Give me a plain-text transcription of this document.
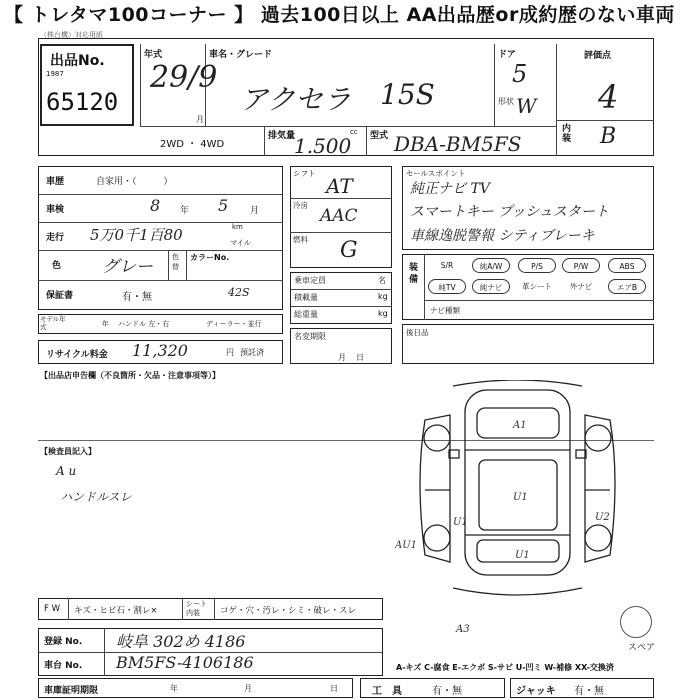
【 トレタマ100コーナー 】 過去100日以上 AA出品歴or成約歴のない車両
（株台機）対応用紙
出品No.
1987
65120
年式
29/9
月
車名・グレード
アクセラ 15S
ドア
5
形状 W
評価点
4
内装 B
2WD ・ 4WD
排気量	cc
1.500 型式 DBA-BM5FS
車歴	自家用・（　　　）
車検	8 年 5 月
走行 5万0千1百80	km
マイル
色 グレー	色替
カラーNo.
42S
保証書	有・無
モデル年式	年 ハンドル 左・右	ディーラー・並行
リサイクル料金 11,320	円 預託済
シフト
AT
冷房
AAC
燃料 G
乗車定員	名
積載量	kg
総重量	kg
名変期限
月日
セールスポイント
純正ナビ TV
スマートキー プッシュスタート
車線逸脱警報 シティブレーキ
装備
S/R	純A/W	P/S	P/W	ABS
純TV	純ナビ	革シート	外ナビ	エアB
ナビ種類
後日品
【出品店申告欄（不良箇所・欠品・注意事項等）】
【検査員記入】
A u
ハンドルスレ
A1
U1
U1
U1
U2
AU1
A3
スペア
F W キズ・ヒビ石・割レ×
シート内装	コゲ・穴・汚レ・シミ・破レ・スレ
登録 No. 岐阜 302め 4186
車台 No. BM5FS-4106186	A-キズ C-腐食 E-エクボ S-サビ U-凹ミ W-補修 XX-交換済
車庫証明期限	年	月	日	工　具	有・無	ジャッキ 有・無
